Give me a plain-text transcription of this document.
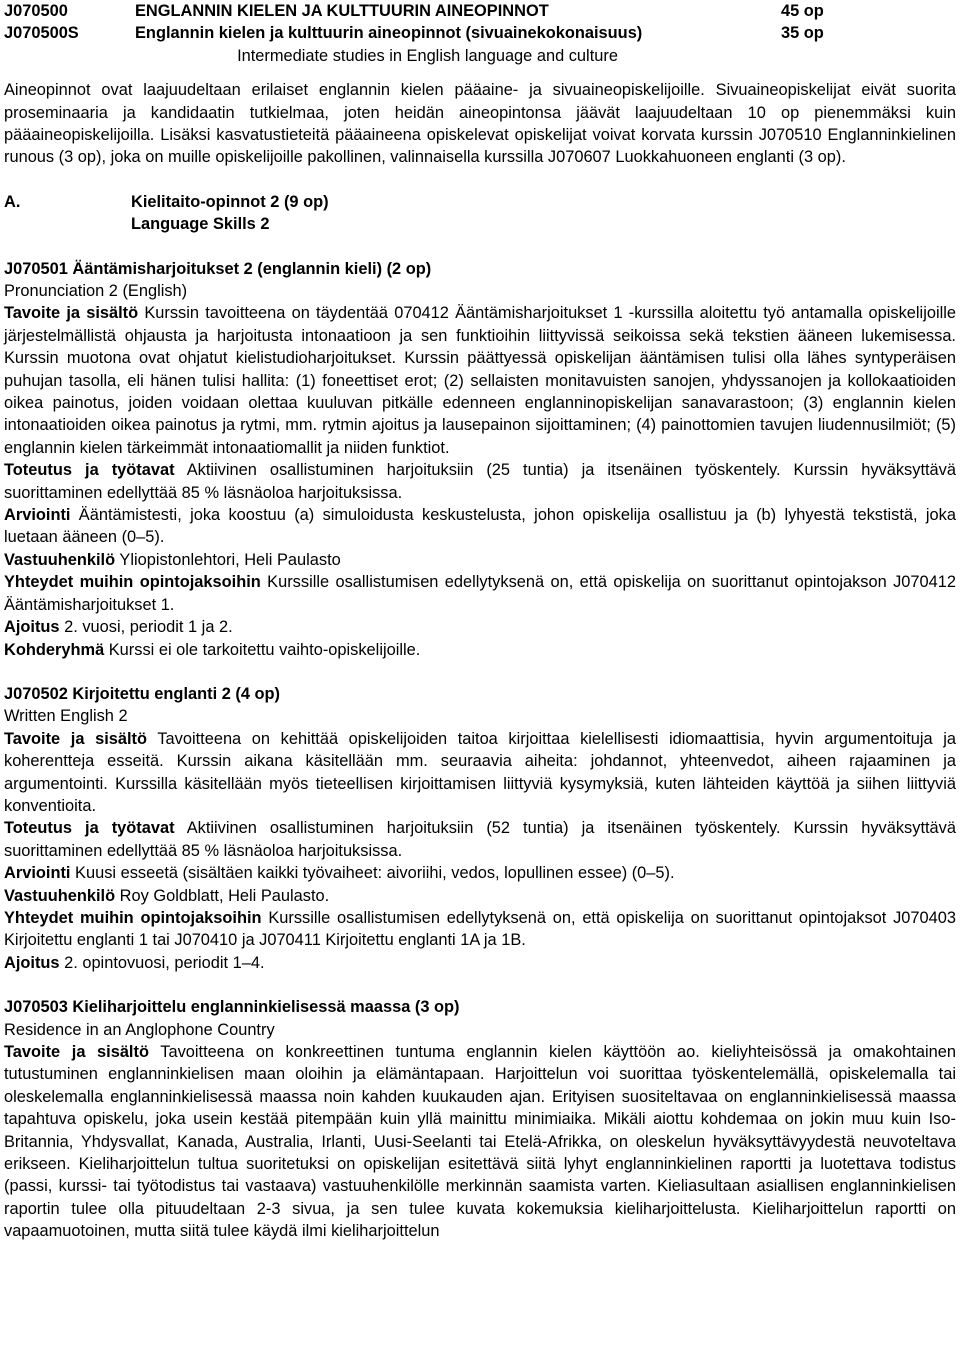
J070500	ENGLANNIN KIELEN JA KULTTUURIN AINEOPINNOT	45 op
J070500S	Englannin kielen ja kulttuurin aineopinnot (sivuainekokonaisuus)	35 op
Intermediate studies in English language and culture

Aineopinnot ovat laajuudeltaan erilaiset englannin kielen pääaine- ja sivuaineopiskelijoille. Sivuaineopiskelijat eivät suorita proseminaaria ja kandidaatin tutkielmaa, joten heidän aineopintonsa jäävät laajuudeltaan 10 op pienemmäksi kuin pääaineopiskelijoilla. Lisäksi kasvatustieteitä pääaineena opiskelevat opiskelijat voivat korvata kurssin J070510 Englanninkielinen runous (3 op), joka on muille opiskelijoille pakollinen, valinnaisella kurssilla J070607 Luokkahuoneen englanti (3 op).

A.	Kielitaito-opinnot 2 (9 op)
Language Skills 2
J070501 Ääntämisharjoitukset 2 (englannin kieli) (2 op)
Pronunciation 2 (English)

Tavoite ja sisältö Kurssin tavoitteena on täydentää 070412 Ääntämisharjoitukset 1 -kurssilla aloitettu työ antamalla opiskelijoille järjestelmällistä ohjausta ja harjoitusta intonaatioon ja sen funktioihin liittyvissä seikoissa sekä tekstien ääneen lukemisessa. Kurssin muotona ovat ohjatut kielistudioharjoitukset. Kurssin päättyessä opiskelijan ääntämisen tulisi olla lähes syntyperäisen puhujan tasolla, eli hänen tulisi hallita: (1) foneettiset erot; (2) sellaisten monitavuisten sanojen, yhdyssanojen ja kollokaatioiden oikea painotus, joiden voidaan olettaa kuuluvan pitkälle edenneen englanninopiskelijan sanavarastoon; (3) englannin kielen intonaatioiden oikea painotus ja rytmi, mm. rytmin ajoitus ja lausepainon sijoittaminen; (4) painottomien tavujen liudennusilmiöt; (5) englannin kielen tärkeimmät intonaatiomallit ja niiden funktiot.

Toteutus ja työtavat Aktiivinen osallistuminen harjoituksiin (25 tuntia) ja itsenäinen työskentely. Kurssin hyväksyttävä suorittaminen edellyttää 85 % läsnäoloa harjoituksissa.

Arviointi Ääntämistesti, joka koostuu (a) simuloidusta keskustelusta, johon opiskelija osallistuu ja (b) lyhyestä tekstistä, joka luetaan ääneen (0–5).

Vastuuhenkilö Yliopistonlehtori, Heli Paulasto

Yhteydet muihin opintojaksoihin Kurssille osallistumisen edellytyksenä on, että opiskelija on suorittanut opintojakson J070412 Ääntämisharjoitukset 1.

Ajoitus 2. vuosi, periodit 1 ja 2.

Kohderyhmä Kurssi ei ole tarkoitettu vaihto-opiskelijoille.

J070502 Kirjoitettu englanti 2 (4 op)
Written English 2

Tavoite ja sisältö Tavoitteena on kehittää opiskelijoiden taitoa kirjoittaa kielellisesti idiomaattisia, hyvin argumentoituja ja koherentteja esseitä. Kurssin aikana käsitellään mm. seuraavia aiheita: johdannot, yhteenvedot, aiheen rajaaminen ja argumentointi. Kurssilla käsitellään myös tieteellisen kirjoittamisen liittyviä kysymyksiä, kuten lähteiden käyttöä ja siihen liittyviä konventioita.

Toteutus ja työtavat Aktiivinen osallistuminen harjoituksiin (52 tuntia) ja itsenäinen työskentely. Kurssin hyväksyttävä suorittaminen edellyttää 85 % läsnäoloa harjoituksissa.

Arviointi Kuusi esseetä (sisältäen kaikki työvaiheet: aivoriihi, vedos, lopullinen essee) (0–5).

Vastuuhenkilö Roy Goldblatt, Heli Paulasto.

Yhteydet muihin opintojaksoihin Kurssille osallistumisen edellytyksenä on, että opiskelija on suorittanut opintojaksot J070403 Kirjoitettu englanti 1 tai J070410 ja J070411 Kirjoitettu englanti 1A ja 1B.

Ajoitus 2. opintovuosi, periodit 1–4.

J070503 Kieliharjoittelu englanninkielisessä maassa (3 op)
Residence in an Anglophone Country

Tavoite ja sisältö Tavoitteena on konkreettinen tuntuma englannin kielen käyttöön ao. kieliyhteisössä ja omakohtainen tutustuminen englanninkielisen maan oloihin ja elämäntapaan. Harjoittelun voi suorittaa työskentelemällä, opiskelemalla tai oleskelemalla englanninkielisessä maassa noin kahden kuukauden ajan. Erityisen suositeltavaa on englanninkielisessä maassa tapahtuva opiskelu, joka usein kestää pitempään kuin yllä mainittu minimiaika. Mikäli aiottu kohdemaa on jokin muu kuin Iso-Britannia, Yhdysvallat, Kanada, Australia, Irlanti, Uusi-Seelanti tai Etelä-Afrikka, on oleskelun hyväksyttävyydestä neuvoteltava erikseen. Kieliharjoittelun tultua suoritetuksi on opiskelijan esitettävä siitä lyhyt englanninkielinen raportti ja luotettava todistus (passi, kurssi- tai työtodistus tai vastaava) vastuuhenkilölle merkinnän saamista varten. Kieliasultaan asiallisen englanninkielisen raportin tulee olla pituudeltaan 2-3 sivua, ja sen tulee kuvata kokemuksia kieliharjoittelusta. Kieliharjoittelun raportti on vapaamuotoinen, mutta siitä tulee käydä ilmi kieliharjoittelun
